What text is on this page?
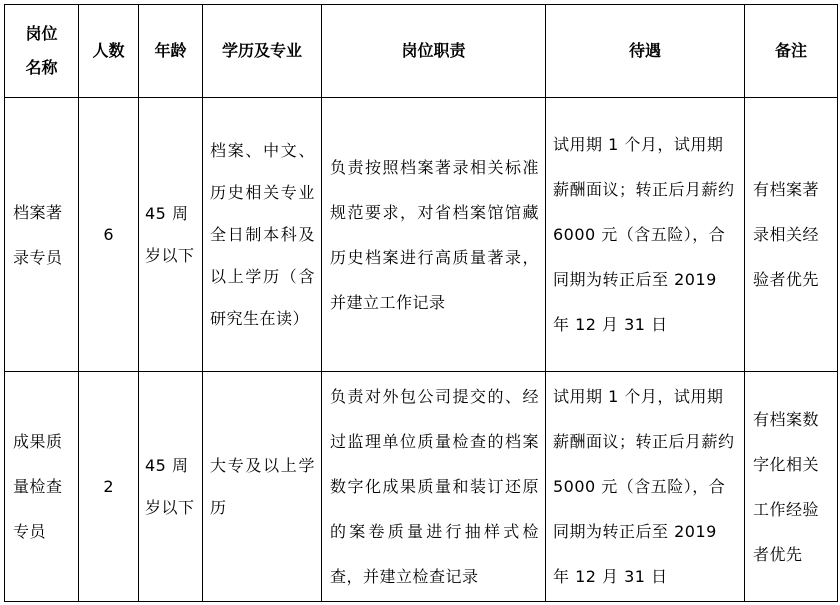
岗位
名称	人数	年龄	学历及专业	岗位职责	待遇	备注

档案著录专员	6	45 周岁以下	档案、中文、历史相关专业全日制本科及以上学历（含研究生在读）	负责按照档案著录相关标准规范要求，对省档案馆馆藏历史档案进行高质量著录，并建立工作记录	试用期 1 个月，试用期薪酬面议；转正后月薪约 6000 元（含五险），合同期为转正后至 2019 年 12 月 31 日	有档案著录相关经验者优先

成果质量检查专员	2	45 周岁以下	大专及以上学历	负责对外包公司提交的、经过监理单位质量检查的档案数字化成果质量和装订还原的案卷质量进行抽样式检查，并建立检查记录	试用期 1 个月，试用期薪酬面议；转正后月薪约 5000 元（含五险），合同期为转正后至 2019 年 12 月 31 日	有档案数字化相关工作经验者优先
